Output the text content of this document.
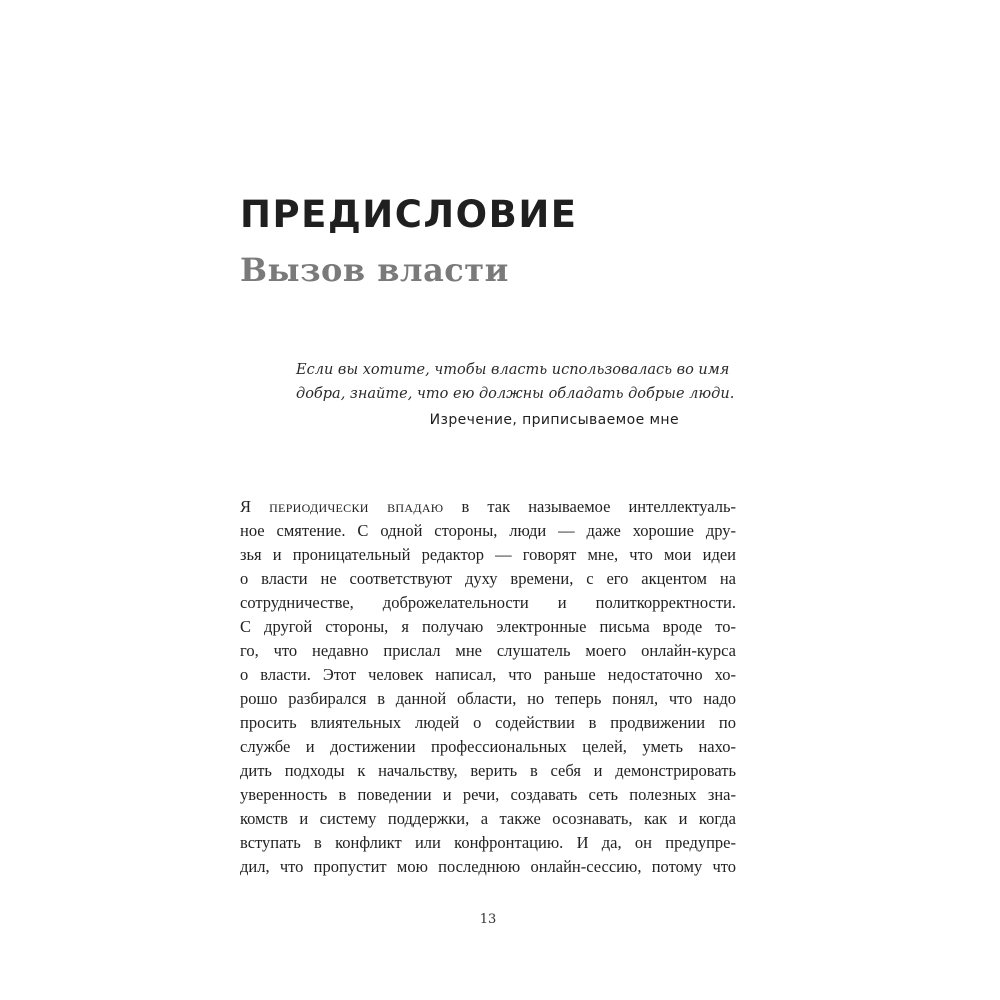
ПРЕДИСЛОВИЕ
Вызов власти
Если вы хотите, чтобы власть использовалась во имя
добра, знайте, что ею должны обладать добрые люди.
Изречение, приписываемое мне
Я периодически впадаю в так называемое интеллектуаль-
ное смятение. С одной стороны, люди — даже хорошие дру-
зья и проницательный редактор — говорят мне, что мои идеи
о власти не соответствуют духу времени, с его акцентом на
сотрудничестве, доброжелательности и политкорректности.
С другой стороны, я получаю электронные письма вроде то-
го, что недавно прислал мне слушатель моего онлайн-курса
о власти. Этот человек написал, что раньше недостаточно хо-
рошо разбирался в данной области, но теперь понял, что надо
просить влиятельных людей о содействии в продвижении по
службе и достижении профессиональных целей, уметь нахо-
дить подходы к начальству, верить в себя и демонстрировать
уверенность в поведении и речи, создавать сеть полезных зна-
комств и систему поддержки, а также осознавать, как и когда
вступать в конфликт или конфронтацию. И да, он предупре-
дил, что пропустит мою последнюю онлайн-сессию, потому что
13
